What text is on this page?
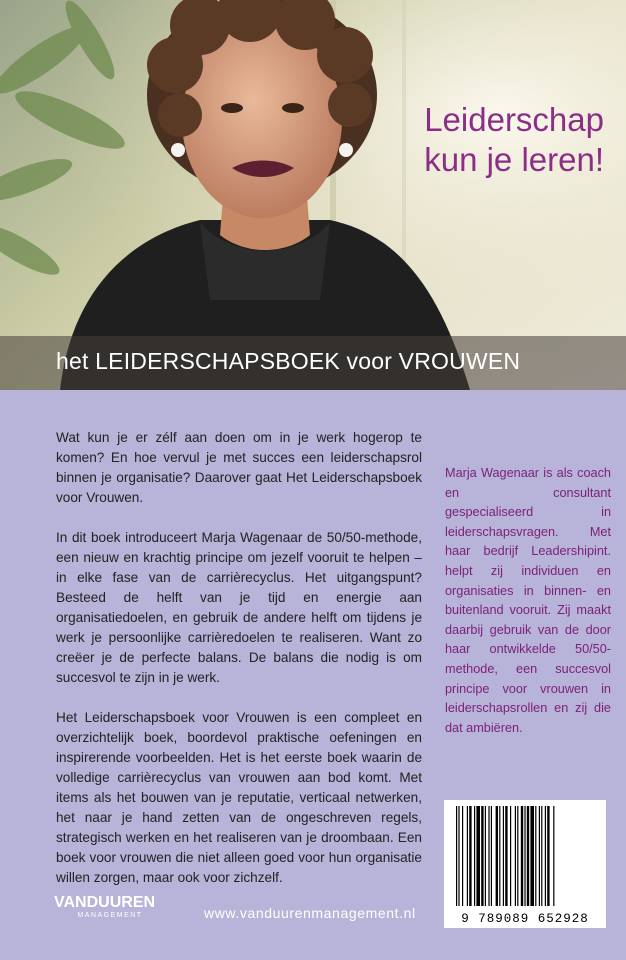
Leiderschap
kun je leren!
het LEIDERSCHAPSBOEK voor VROUWEN

Wat kun je er zélf aan doen om in je werk hogerop te komen? En hoe vervul je met succes een leiderschapsrol binnen je organisatie? Daarover gaat Het Leiderschapsboek voor Vrouwen.

In dit boek introduceert Marja Wagenaar de 50/50-methode, een nieuw en krachtig principe om jezelf vooruit te helpen – in elke fase van de carrièrecyclus. Het uitgangspunt? Besteed de helft van je tijd en energie aan organisatiedoelen, en gebruik de andere helft om tijdens je werk je persoonlijke carrièredoelen te realiseren. Want zo creëer je de perfecte balans. De balans die nodig is om succesvol te zijn in je werk.

Het Leiderschapsboek voor Vrouwen is een compleet en overzichtelijk boek, boordevol praktische oefeningen en inspirerende voorbeelden. Het is het eerste boek waarin de volledige carrièrecyclus van vrouwen aan bod komt. Met items als het bouwen van je reputatie, verticaal netwerken, het naar je hand zetten van de ongeschreven regels, strategisch werken en het realiseren van je droombaan. Een boek voor vrouwen die niet alleen goed voor hun organisatie willen zorgen, maar ook voor zichzelf.

Marja Wagenaar is als coach en consultant gespecialiseerd in leiderschapsvragen. Met haar bedrijf Leadershipint. helpt zij individuen en organisaties in binnen- en buitenland vooruit. Zij maakt daarbij gebruik van de door haar ontwikkelde 50/50-methode, een succesvol principe voor vrouwen in leiderschapsrollen en zij die dat ambiëren.
9 789089 652928
VANDUUREN
MANAGEMENT	www.vanduurenmanagement.nl
